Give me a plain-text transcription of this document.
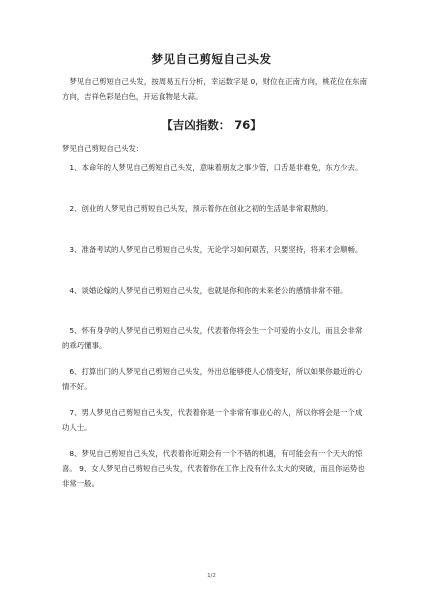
梦见自己剪短自己头发
梦见自己剪短自己头发，按周易五行分析，幸运数字是 0，财位在正南方向，桃花位在东南方向，吉祥色彩是白色，开运食物是大蒜。
【吉凶指数： 76】
梦见自己剪短自己头发：
1、本命年的人梦见自己剪短自己头发，意味着朋友之事少管，口舌是非难免，东方少去。
2、创业的人梦见自己剪短自己头发，预示着你在创业之初的生活是非常艰熬的。
3、准备考试的人梦见自己剪短自己头发，无论学习如何艰苦，只要坚持，将来才会顺畅。
4、谈婚论嫁的人梦见自己剪短自己头发，也就是你和你的未来老公的感情非常不错。
5、怀有身孕的人梦见自己剪短自己头发，代表着你将会生一个可爱的小女儿，而且会非常的乖巧懂事。
6、打算出门的人梦见自己剪短自己头发，外出总能够使人心情变好，所以如果你最近的心情不好。
7、男人梦见自己剪短自己头发，代表着你是一个非常有事业心的人，所以你将会是一个成功人士。
8、梦见自己剪短自己头发，代表着你近期会有一个不错的机遇，有可能会有一个天大的惊喜。 9、女人梦见自己剪短自己头发，代表着你在工作上没有什么太大的突破，而且你运势也非常一般。
1/2
